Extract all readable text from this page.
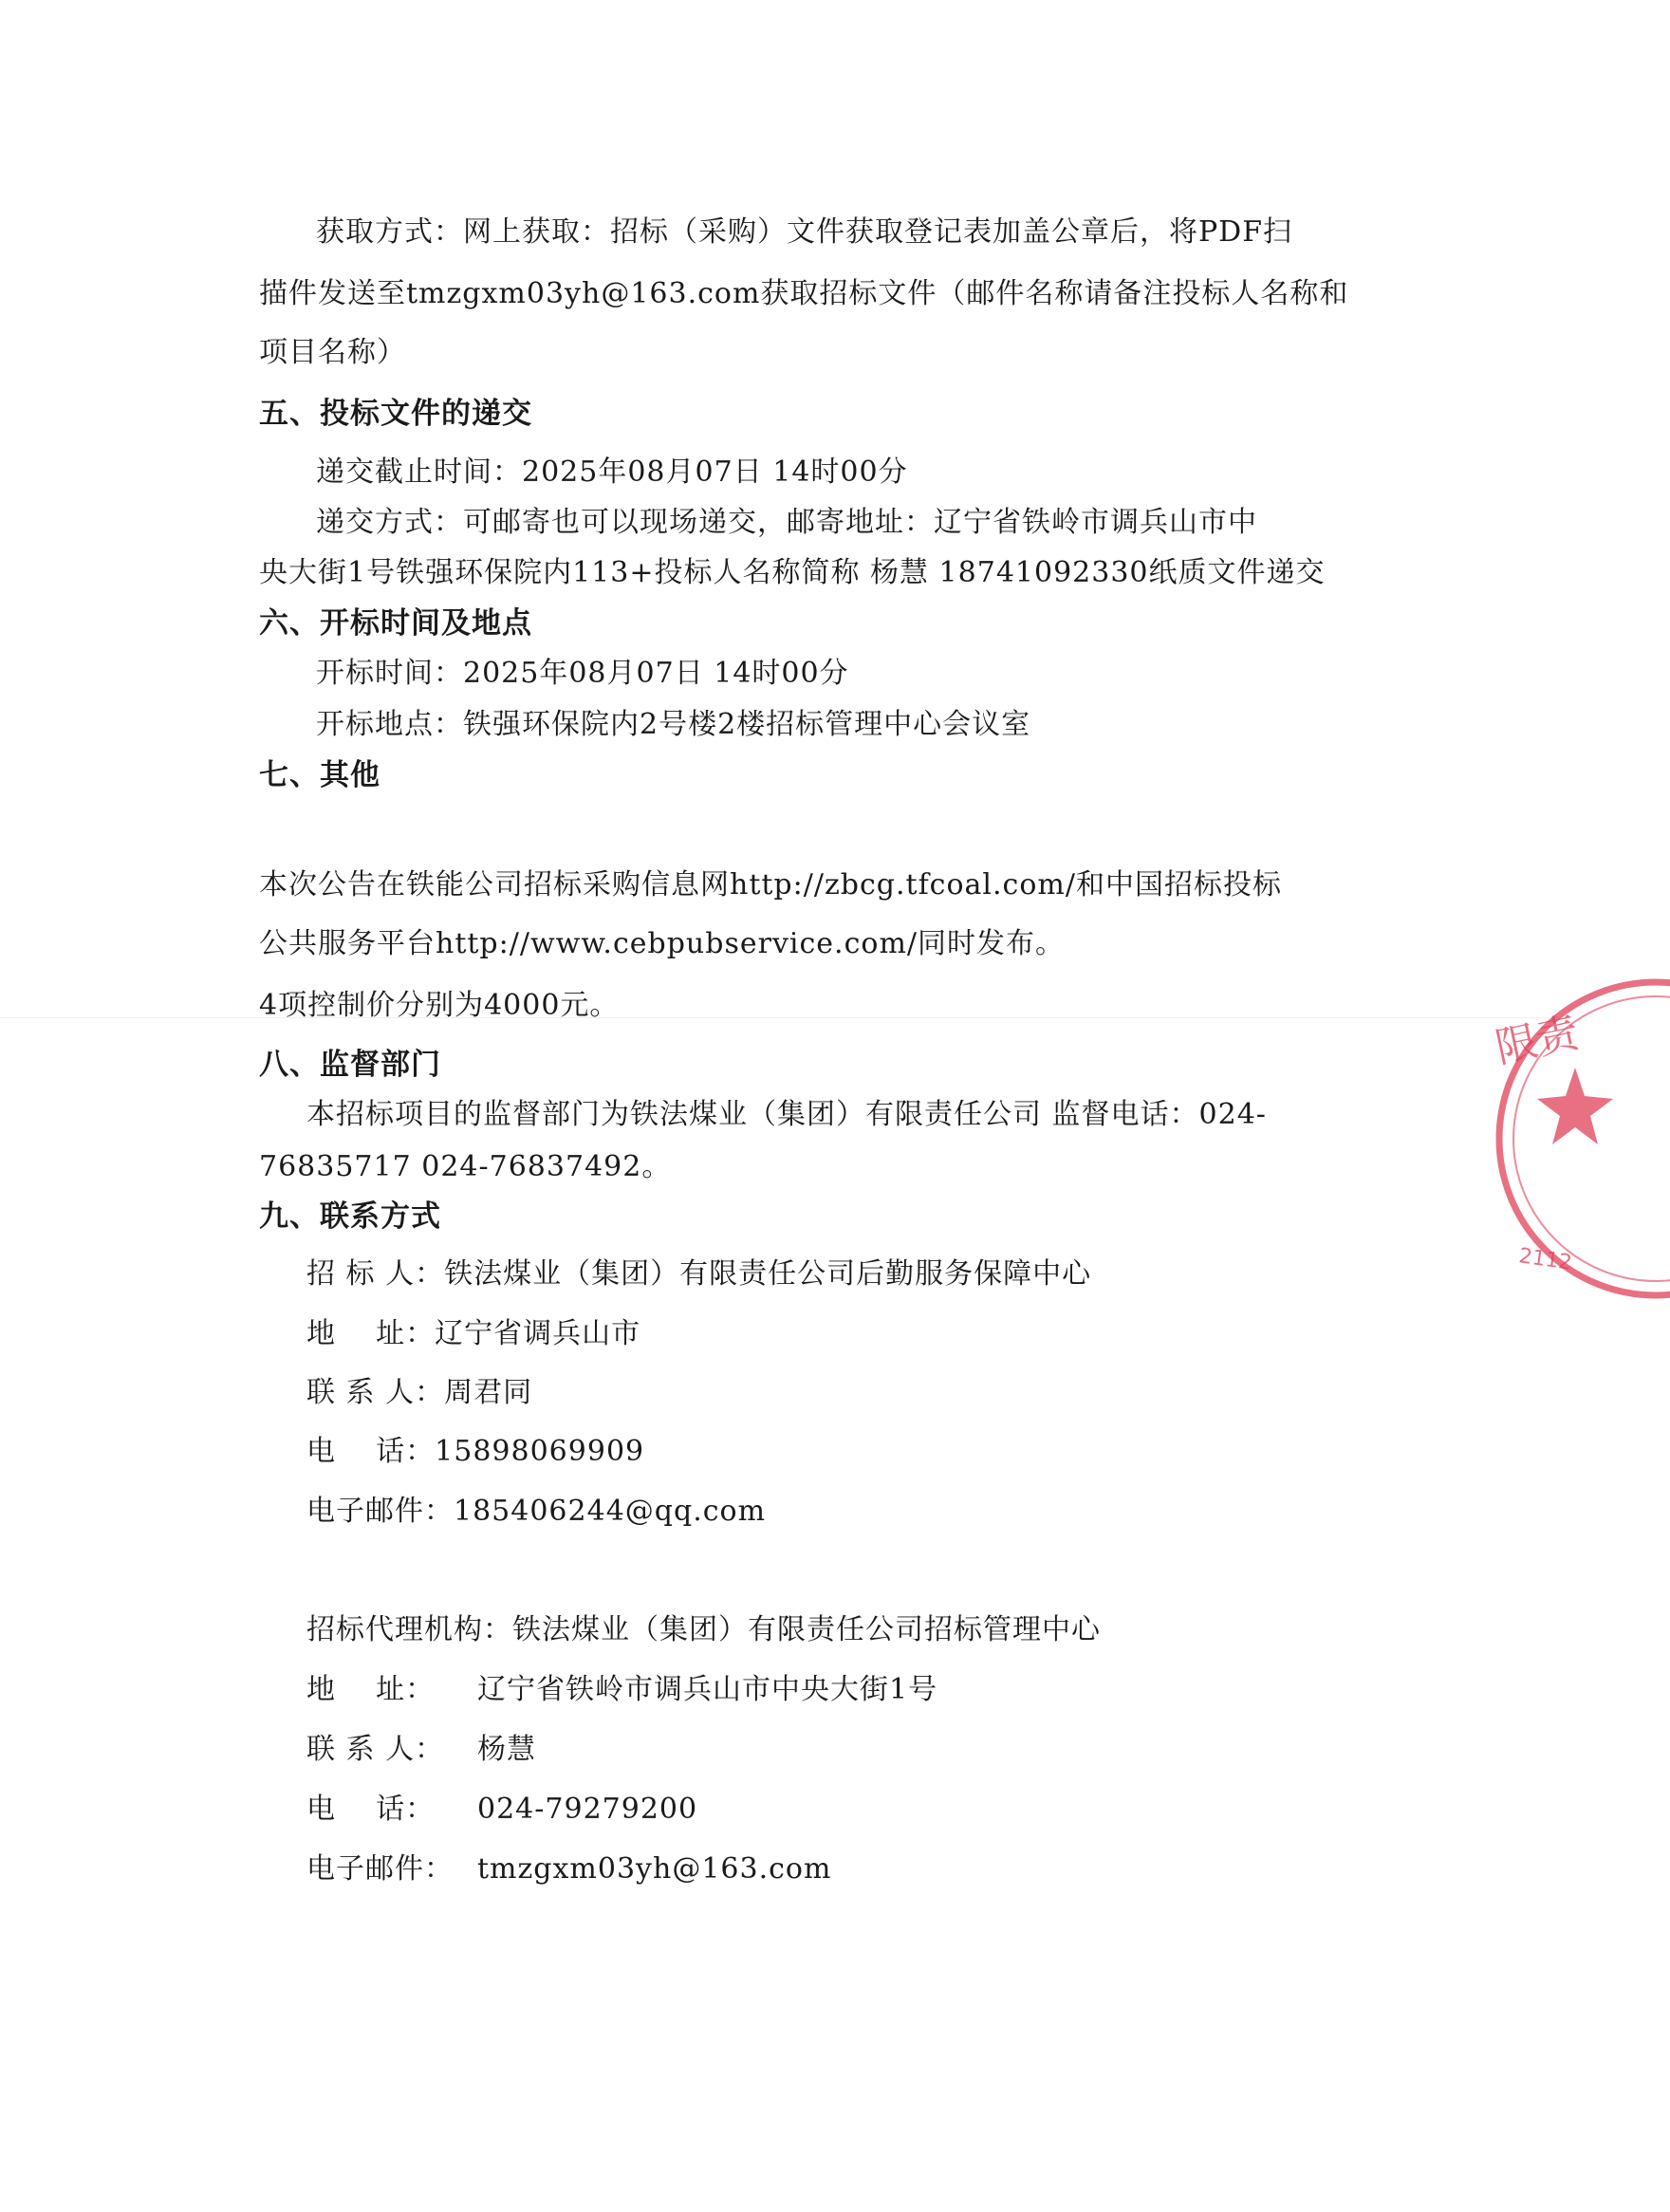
获取方式：网上获取：招标（采购）文件获取登记表加盖公章后，将PDF扫
描件发送至tmzgxm03yh@163.com获取招标文件（邮件名称请备注投标人名称和
项目名称）
五、投标文件的递交
递交截止时间：2025年08月07日 14时00分
递交方式：可邮寄也可以现场递交，邮寄地址：辽宁省铁岭市调兵山市中
央大街1号铁强环保院内113+投标人名称简称 杨慧 18741092330纸质文件递交
六、开标时间及地点
开标时间：2025年08月07日 14时00分
开标地点：铁强环保院内2号楼2楼招标管理中心会议室
七、其他
本次公告在铁能公司招标采购信息网http://zbcg.tfcoal.com/和中国招标投标
公共服务平台http://www.cebpubservice.com/同时发布。
4项控制价分别为4000元。
八、监督部门
本招标项目的监督部门为铁法煤业（集团）有限责任公司 监督电话：024-
76835717 024-76837492。
九、联系方式
招 标 人：铁法煤业（集团）有限责任公司后勤服务保障中心
地    址：辽宁省调兵山市
联 系 人：周君同
电    话：15898069909
电子邮件：185406244@qq.com
招标代理机构：铁法煤业（集团）有限责任公司招标管理中心
地    址： 辽宁省铁岭市调兵山市中央大街1号
联 系 人： 杨慧
电    话： 024-79279200
电子邮件： tmzgxm03yh@163.com
限责
2112
